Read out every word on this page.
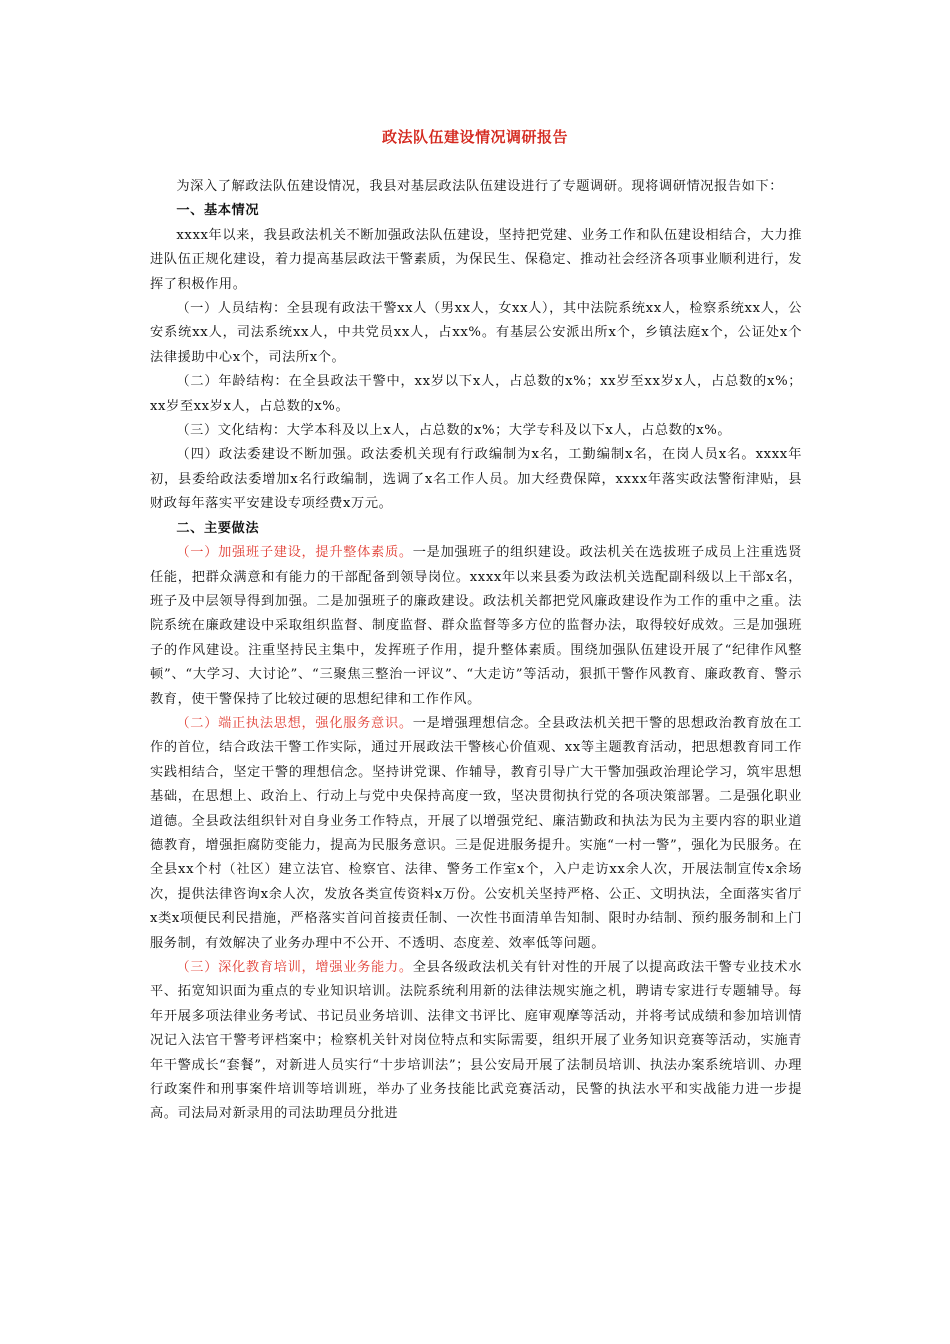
政法队伍建设情况调研报告

为深入了解政法队伍建设情况，我县对基层政法队伍建设进行了专题调研。现将调研情况报告如下：

一、基本情况

xxxx年以来，我县政法机关不断加强政法队伍建设，坚持把党建、业务工作和队伍建设相结合，大力推进队伍正规化建设，着力提高基层政法干警素质，为保民生、保稳定、推动社会经济各项事业顺利进行，发挥了积极作用。

（一）人员结构：全县现有政法干警xx人（男xx人，女xx人），其中法院系统xx人，检察系统xx人，公安系统xx人，司法系统xx人，中共党员xx人，占xx%。有基层公安派出所x个，乡镇法庭x个，公证处x个法律援助中心x个，司法所x个。

（二）年龄结构：在全县政法干警中，xx岁以下x人，占总数的x%；xx岁至xx岁x人，占总数的x%；xx岁至xx岁x人，占总数的x%。

（三）文化结构：大学本科及以上x人，占总数的x%；大学专科及以下x人，占总数的x%。

（四）政法委建设不断加强。政法委机关现有行政编制为x名，工勤编制x名，在岗人员x名。xxxx年初，县委给政法委增加x名行政编制，选调了x名工作人员。加大经费保障，xxxx年落实政法警衔津贴，县财政每年落实平安建设专项经费x万元。

二、主要做法

（一）加强班子建设，提升整体素质。一是加强班子的组织建设。政法机关在选拔班子成员上注重选贤任能，把群众满意和有能力的干部配备到领导岗位。xxxx年以来县委为政法机关选配副科级以上干部x名，班子及中层领导得到加强。二是加强班子的廉政建设。政法机关都把党风廉政建设作为工作的重中之重。法院系统在廉政建设中采取组织监督、制度监督、群众监督等多方位的监督办法，取得较好成效。三是加强班子的作风建设。注重坚持民主集中，发挥班子作用，提升整体素质。围绕加强队伍建设开展了“纪律作风整顿”、“大学习、大讨论”、“三聚焦三整治一评议”、“大走访”等活动，狠抓干警作风教育、廉政教育、警示教育，使干警保持了比较过硬的思想纪律和工作作风。

（二）端正执法思想，强化服务意识。一是增强理想信念。全县政法机关把干警的思想政治教育放在工作的首位，结合政法干警工作实际，通过开展政法干警核心价值观、xx等主题教育活动，把思想教育同工作实践相结合，坚定干警的理想信念。坚持讲党课、作辅导，教育引导广大干警加强政治理论学习，筑牢思想基础，在思想上、政治上、行动上与党中央保持高度一致，坚决贯彻执行党的各项决策部署。二是强化职业道德。全县政法组织针对自身业务工作特点，开展了以增强党纪、廉洁勤政和执法为民为主要内容的职业道德教育，增强拒腐防变能力，提高为民服务意识。三是促进服务提升。实施“一村一警”，强化为民服务。在全县xx个村（社区）建立法官、检察官、法律、警务工作室x个，入户走访xx余人次，开展法制宣传x余场次，提供法律咨询x余人次，发放各类宣传资料x万份。公安机关坚持严格、公正、文明执法，全面落实省厅x类x项便民利民措施，严格落实首问首接责任制、一次性书面清单告知制、限时办结制、预约服务制和上门服务制，有效解决了业务办理中不公开、不透明、态度差、效率低等问题。

（三）深化教育培训，增强业务能力。全县各级政法机关有针对性的开展了以提高政法干警专业技术水平、拓宽知识面为重点的专业知识培训。法院系统利用新的法律法规实施之机，聘请专家进行专题辅导。每年开展多项法律业务考试、书记员业务培训、法律文书评比、庭审观摩等活动，并将考试成绩和参加培训情况记入法官干警考评档案中；检察机关针对岗位特点和实际需要，组织开展了业务知识竞赛等活动，实施青年干警成长“套餐”，对新进人员实行“十步培训法”；县公安局开展了法制员培训、执法办案系统培训、办理行政案件和刑事案件培训等培训班，举办了业务技能比武竞赛活动，民警的执法水平和实战能力进一步提高。司法局对新录用的司法助理员分批进
